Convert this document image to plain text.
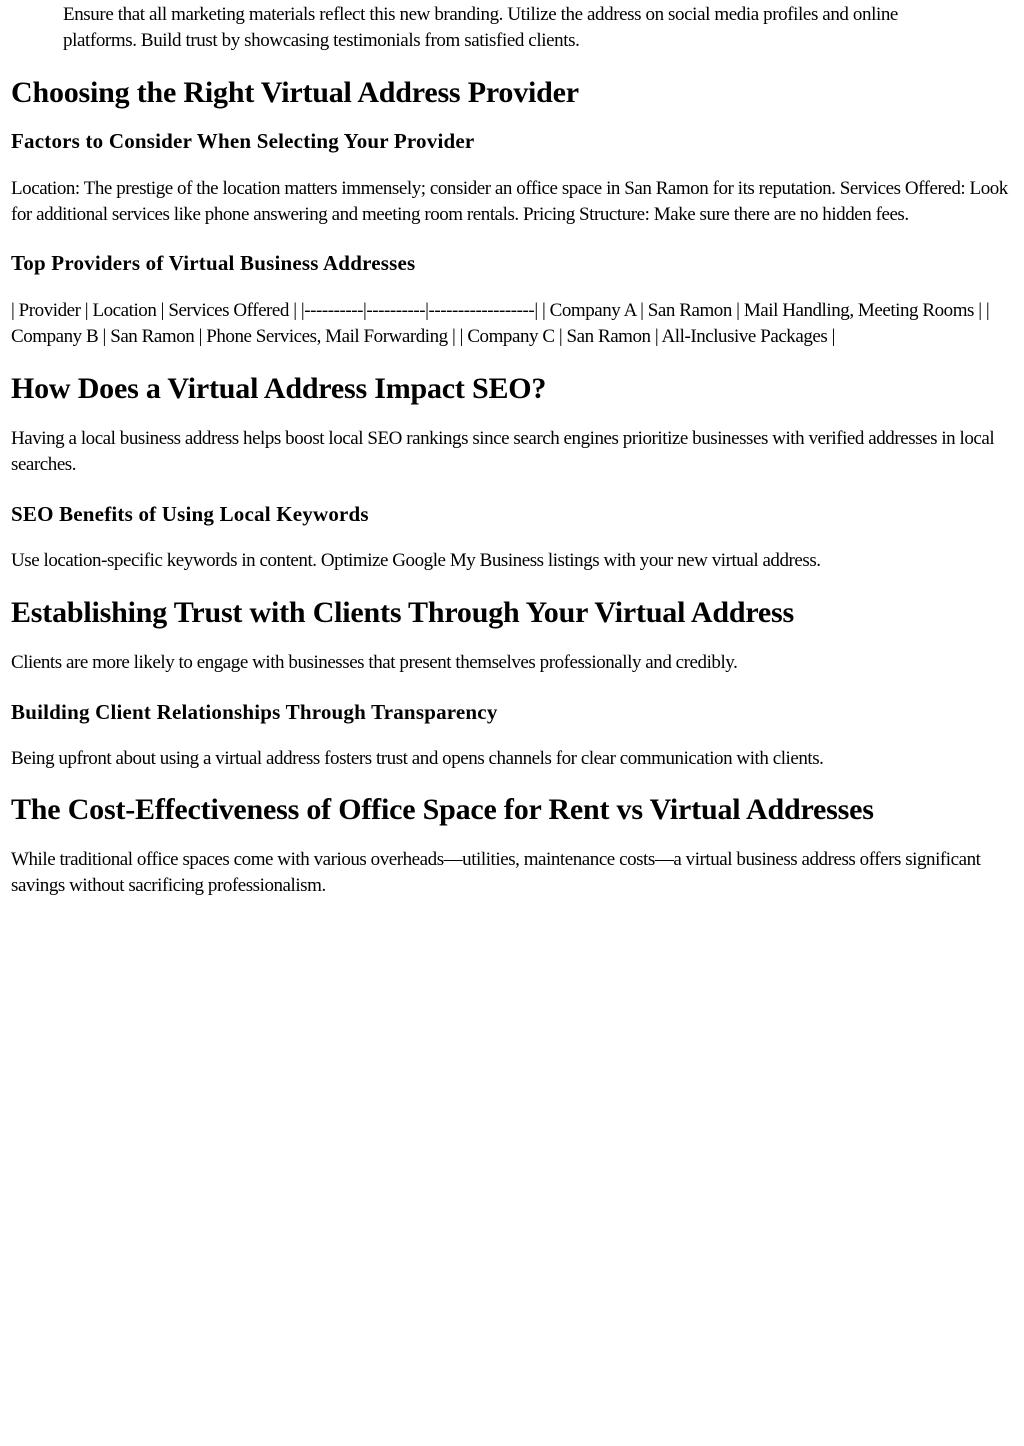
Ensure that all marketing materials reflect this new branding. Utilize the address on social media profiles and online platforms. Build trust by showcasing testimonials from satisfied clients.
Choosing the Right Virtual Address Provider
Factors to Consider When Selecting Your Provider

Location: The prestige of the location matters immensely; consider an office space in San Ramon for its reputation. Services Offered: Look for additional services like phone answering and meeting room rentals. Pricing Structure: Make sure there are no hidden fees.

Top Providers of Virtual Business Addresses

| Provider | Location | Services Offered | |----------|----------|------------------| | Company A | San Ramon | Mail Handling, Meeting Rooms | | Company B | San Ramon | Phone Services, Mail Forwarding | | Company C | San Ramon | All-Inclusive Packages |

How Does a Virtual Address Impact SEO?

Having a local business address helps boost local SEO rankings since search engines prioritize businesses with verified addresses in local searches.

SEO Benefits of Using Local Keywords

Use location-specific keywords in content. Optimize Google My Business listings with your new virtual address.

Establishing Trust with Clients Through Your Virtual Address

Clients are more likely to engage with businesses that present themselves professionally and credibly.

Building Client Relationships Through Transparency

Being upfront about using a virtual address fosters trust and opens channels for clear communication with clients.

The Cost-Effectiveness of Office Space for Rent vs Virtual Addresses

While traditional office spaces come with various overheads—utilities, maintenance costs—a virtual business address offers significant savings without sacrificing professionalism.
